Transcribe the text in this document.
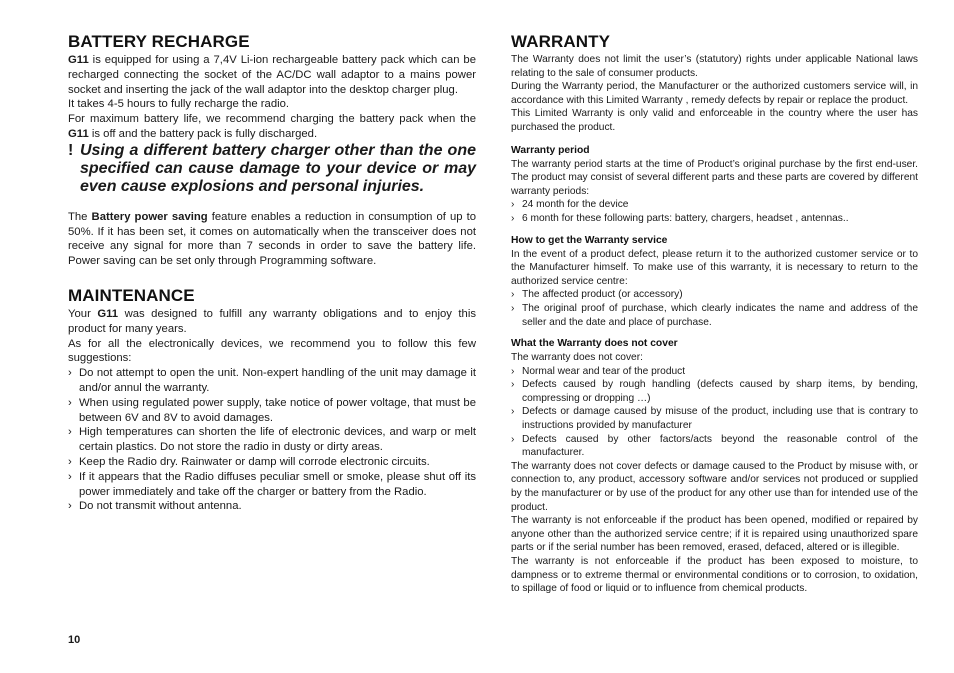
BATTERY RECHARGE

G11 is equipped for using a 7,4V Li-ion rechargeable battery pack which can be recharged connecting the socket of the AC/DC wall adaptor to a mains power socket and inserting the jack of the wall adaptor into the desktop charger plug.

It takes 4-5 hours to fully recharge the radio.

For maximum battery life, we recommend charging the battery pack when the G11 is off and the battery pack is fully discharged.

! Using a different battery charger other than the one specified can cause damage to your device or may even cause explosions and personal injuries.

The Battery power saving feature enables a reduction in consumption of up to 50%. If it has been set, it comes on automatically when the transceiver does not receive any signal for more than 7 seconds in order to save the battery life. Power saving can be set only through Programming software.

MAINTENANCE

Your G11 was designed to fulfill any warranty obligations and to enjoy this product for many years.

As for all the electronically devices, we recommend you to follow this few suggestions:

› Do not attempt to open the unit. Non-expert handling of the unit may damage it and/or annul the warranty.
› When using regulated power supply, take notice of power voltage, that must be between 6V and 8V to avoid damages.
› High temperatures can shorten the life of electronic devices, and warp or melt certain plastics. Do not store the radio in dusty or dirty areas.
› Keep the Radio dry. Rainwater or damp will corrode electronic circuits.
› If it appears that the Radio diffuses peculiar smell or smoke, please shut off its power immediately and take off the charger or battery from the Radio.
› Do not transmit without antenna.
WARRANTY

The Warranty does not limit the user’s (statutory) rights under applicable National laws relating to the sale of consumer products.

During the Warranty period, the Manufacturer or the authorized customers service will, in accordance with this Limited Warranty , remedy defects by repair or replace the product.

This Limited Warranty is only valid and enforceable in the country where the user has purchased the product.

Warranty period

The warranty period starts at the time of Product’s original purchase by the first end-user. The product may consist of several different parts and these parts are covered by different warranty periods:

› 24 month for the device
› 6 month for these following parts: battery, chargers, headset , antennas..
How to get the Warranty service

In the event of a product defect, please return it to the authorized customer service or to the Manufacturer himself. To make use of this warranty, it is necessary to return to the authorized service centre:

› The affected product (or accessory)
› The original proof of purchase, which clearly indicates the name and address of the seller and the date and place of purchase.
What the Warranty does not cover

The warranty does not cover:

› Normal wear and tear of the product
› Defects caused by rough handling (defects caused by sharp items, by bending, compressing or dropping …)
› Defects or damage caused by misuse of the product, including use that is contrary to instructions provided by manufacturer
› Defects caused by other factors/acts beyond the reasonable control of the manufacturer.

The warranty does not cover defects or damage caused to the Product by misuse with, or connection to, any product, accessory software and/or services not produced or supplied by the manufacturer or by use of the product for any other use than for intended use of the product.

The warranty is not enforceable if the product has been opened, modified or repaired by anyone other than the authorized service centre; if it is repaired using unauthorized spare parts or if the serial number has been removed, erased, defaced, altered or is illegible.

The warranty is not enforceable if the product has been exposed to moisture, to dampness or to extreme thermal or environmental conditions or to corrosion, to oxidation, to spillage of food or liquid or to influence from chemical products.

10
